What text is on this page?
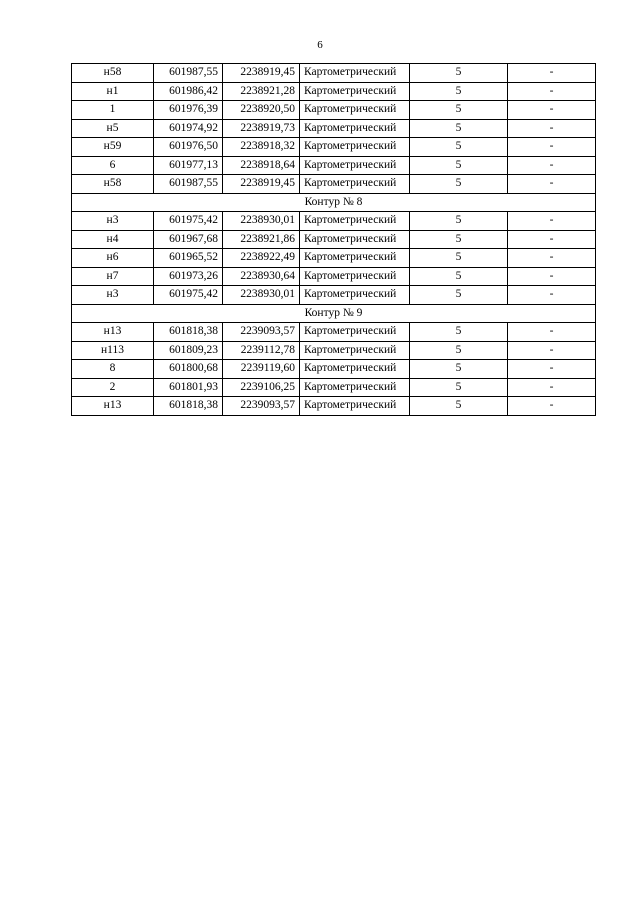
6
н58	601987,55	2238919,45	Картометрический	5	-
н1	601986,42	2238921,28	Картометрический	5	-
1	601976,39	2238920,50	Картометрический	5	-
н5	601974,92	2238919,73	Картометрический	5	-
н59	601976,50	2238918,32	Картометрический	5	-
6	601977,13	2238918,64	Картометрический	5	-
н58	601987,55	2238919,45	Картометрический	5	-
Контур № 8					
н3	601975,42	2238930,01	Картометрический	5	-
н4	601967,68	2238921,86	Картометрический	5	-
н6	601965,52	2238922,49	Картометрический	5	-
н7	601973,26	2238930,64	Картометрический	5	-
н3	601975,42	2238930,01	Картометрический	5	-
Контур № 9					
н13	601818,38	2239093,57	Картометрический	5	-
н113	601809,23	2239112,78	Картометрический	5	-
8	601800,68	2239119,60	Картометрический	5	-
2	601801,93	2239106,25	Картометрический	5	-
н13	601818,38	2239093,57	Картометрический	5	-
